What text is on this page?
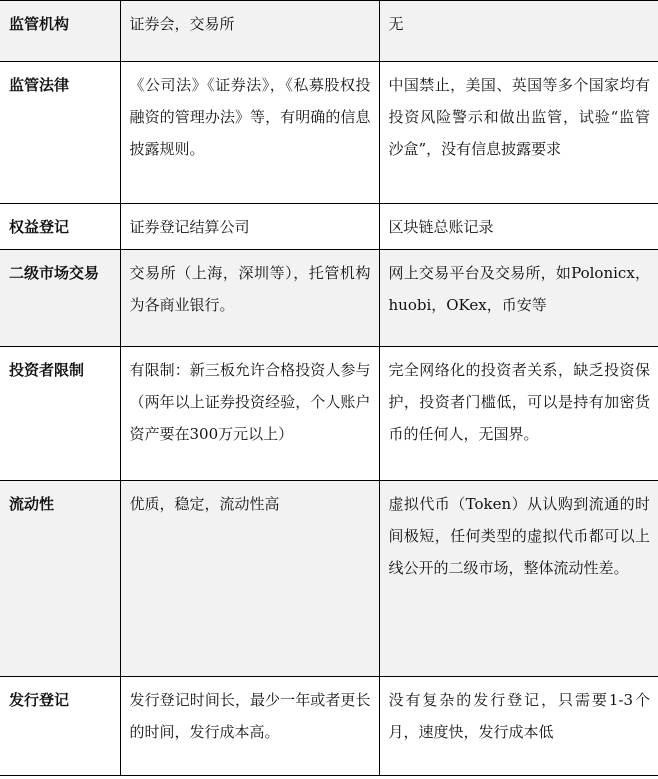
监管机构	证券会，交易所	无
监管法律	《公司法》《证券法》，《私募股权投融资的管理办法》等，有明确的信息披露规则。	中国禁止，美国、英国等多个国家均有投资风险警示和做出监管，试验“监管沙盒”，没有信息披露要求
权益登记	证券登记结算公司	区块链总账记录
二级市场交易	交易所（上海，深圳等），托管机构为各商业银行。	网上交易平台及交易所，如Polonicx，huobi，OKex，币安等
投资者限制	有限制：新三板允许合格投资人参与（两年以上证券投资经验，个人账户资产要在300万元以上）	完全网络化的投资者关系，缺乏投资保护，投资者门槛低，可以是持有加密货币的任何人，无国界。
流动性	优质，稳定，流动性高	虚拟代币（Token）从认购到流通的时间极短，任何类型的虚拟代币都可以上线公开的二级市场，整体流动性差。
发行登记	发行登记时间长，最少一年或者更长的时间，发行成本高。	没有复杂的发行登记，只需要1-3个月，速度快，发行成本低
